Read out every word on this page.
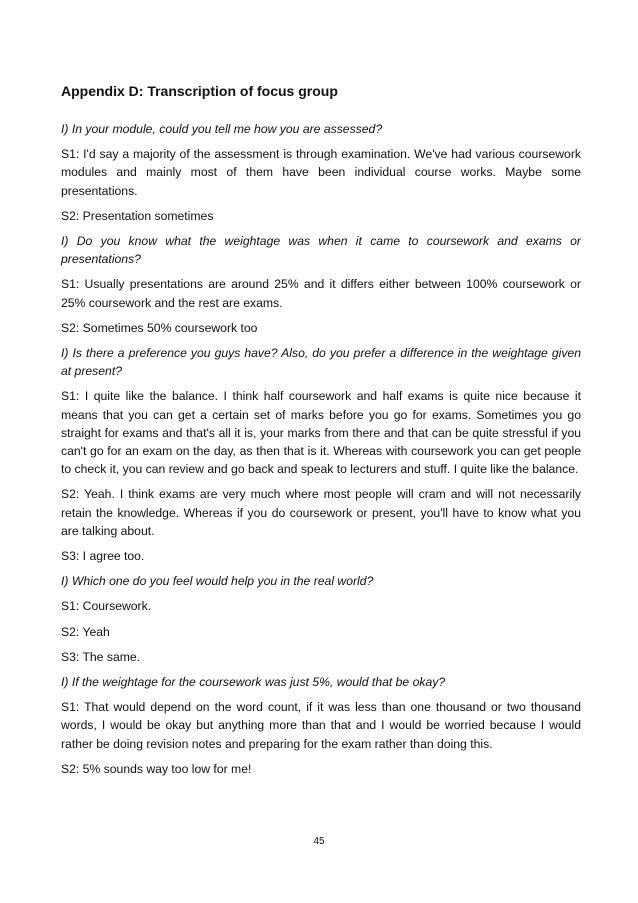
Appendix D: Transcription of focus group

I) In your module, could you tell me how you are assessed?

S1: I'd say a majority of the assessment is through examination. We've had various coursework modules and mainly most of them have been individual course works. Maybe some presentations.

S2: Presentation sometimes

I) Do you know what the weightage was when it came to coursework and exams or presentations?

S1: Usually presentations are around 25% and it differs either between 100% coursework or 25% coursework and the rest are exams.

S2: Sometimes 50% coursework too

I) Is there a preference you guys have? Also, do you prefer a difference in the weightage given at present?

S1: I quite like the balance. I think half coursework and half exams is quite nice because it means that you can get a certain set of marks before you go for exams. Sometimes you go straight for exams and that's all it is, your marks from there and that can be quite stressful if you can't go for an exam on the day, as then that is it. Whereas with coursework you can get people to check it, you can review and go back and speak to lecturers and stuff. I quite like the balance.

S2: Yeah. I think exams are very much where most people will cram and will not necessarily retain the knowledge. Whereas if you do coursework or present, you'll have to know what you are talking about.

S3: I agree too.

I) Which one do you feel would help you in the real world?

S1: Coursework.

S2: Yeah

S3: The same.

I) If the weightage for the coursework was just 5%, would that be okay?

S1: That would depend on the word count, if it was less than one thousand or two thousand words, I would be okay but anything more than that and I would be worried because I would rather be doing revision notes and preparing for the exam rather than doing this.

S2: 5% sounds way too low for me!

45
